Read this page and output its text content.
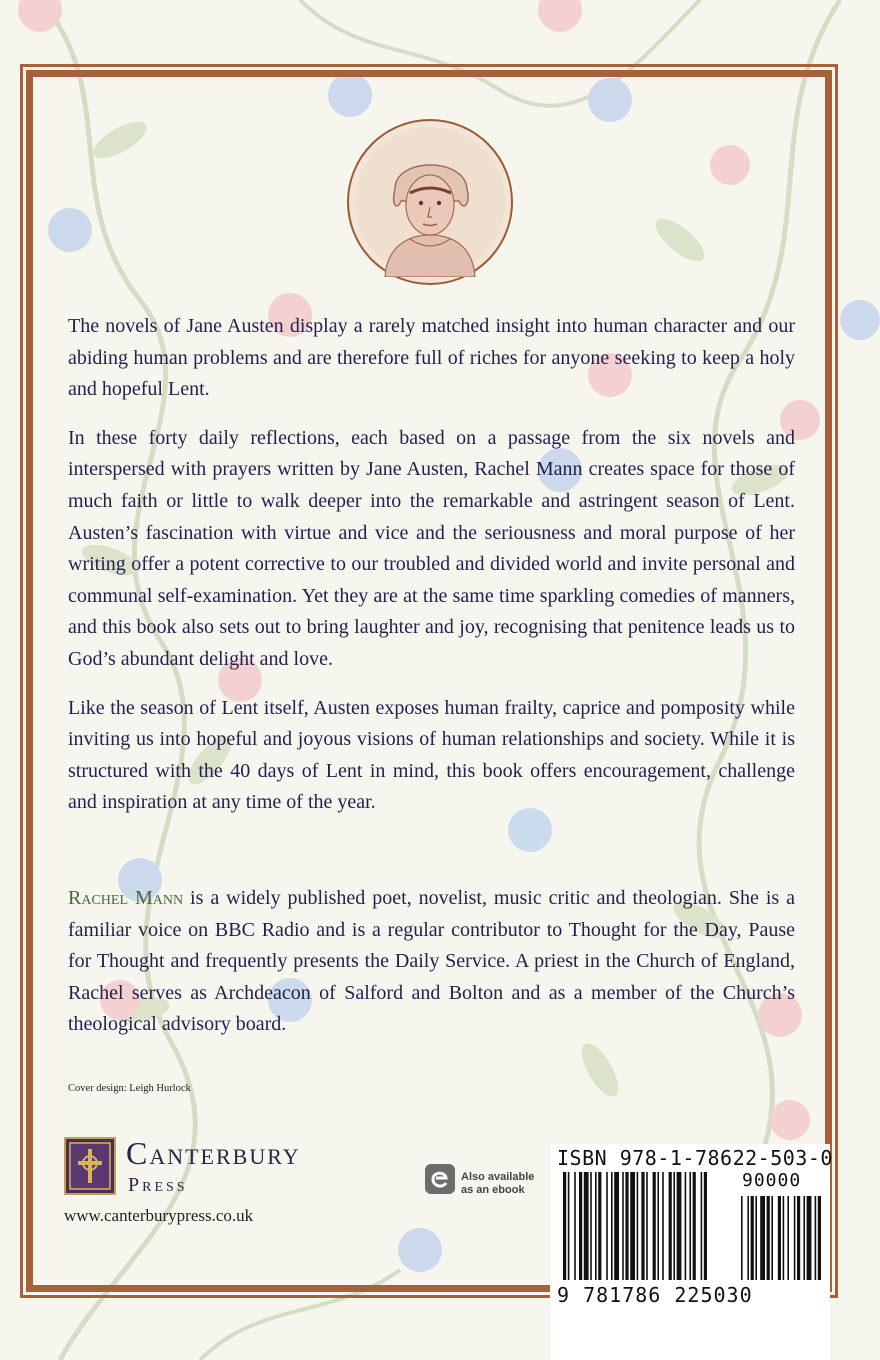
The novels of Jane Austen display a rarely matched insight into human character and our abiding human problems and are therefore full of riches for anyone seeking to keep a holy and hopeful Lent.

In these forty daily reflections, each based on a passage from the six novels and interspersed with prayers written by Jane Austen, Rachel Mann creates space for those of much faith or little to walk deeper into the remarkable and astringent season of Lent. Austen’s fascination with virtue and vice and the seriousness and moral purpose of her writing offer a potent corrective to our troubled and divided world and invite personal and communal self-examination. Yet they are at the same time sparkling comedies of manners, and this book also sets out to bring laughter and joy, recognising that penitence leads us to God’s abundant delight and love.

Like the season of Lent itself, Austen exposes human frailty, caprice and pomposity while inviting us into hopeful and joyous visions of human relationships and society. While it is structured with the 40 days of Lent in mind, this book offers encouragement, challenge and inspiration at any time of the year.

Rachel Mann is a widely published poet, novelist, music critic and theologian. She is a familiar voice on BBC Radio and is a regular contributor to Thought for the Day, Pause for Thought and frequently presents the Daily Service. A priest in the Church of England, Rachel serves as Archdeacon of Salford and Bolton and as a member of the Church’s theological advisory board.

Cover design: Leigh Hurlock
Canterbury
Press
www.canterburypress.co.uk
Also available
as an ebook
ISBN 978-1-78622-503-0
90000
9 781786 225030
